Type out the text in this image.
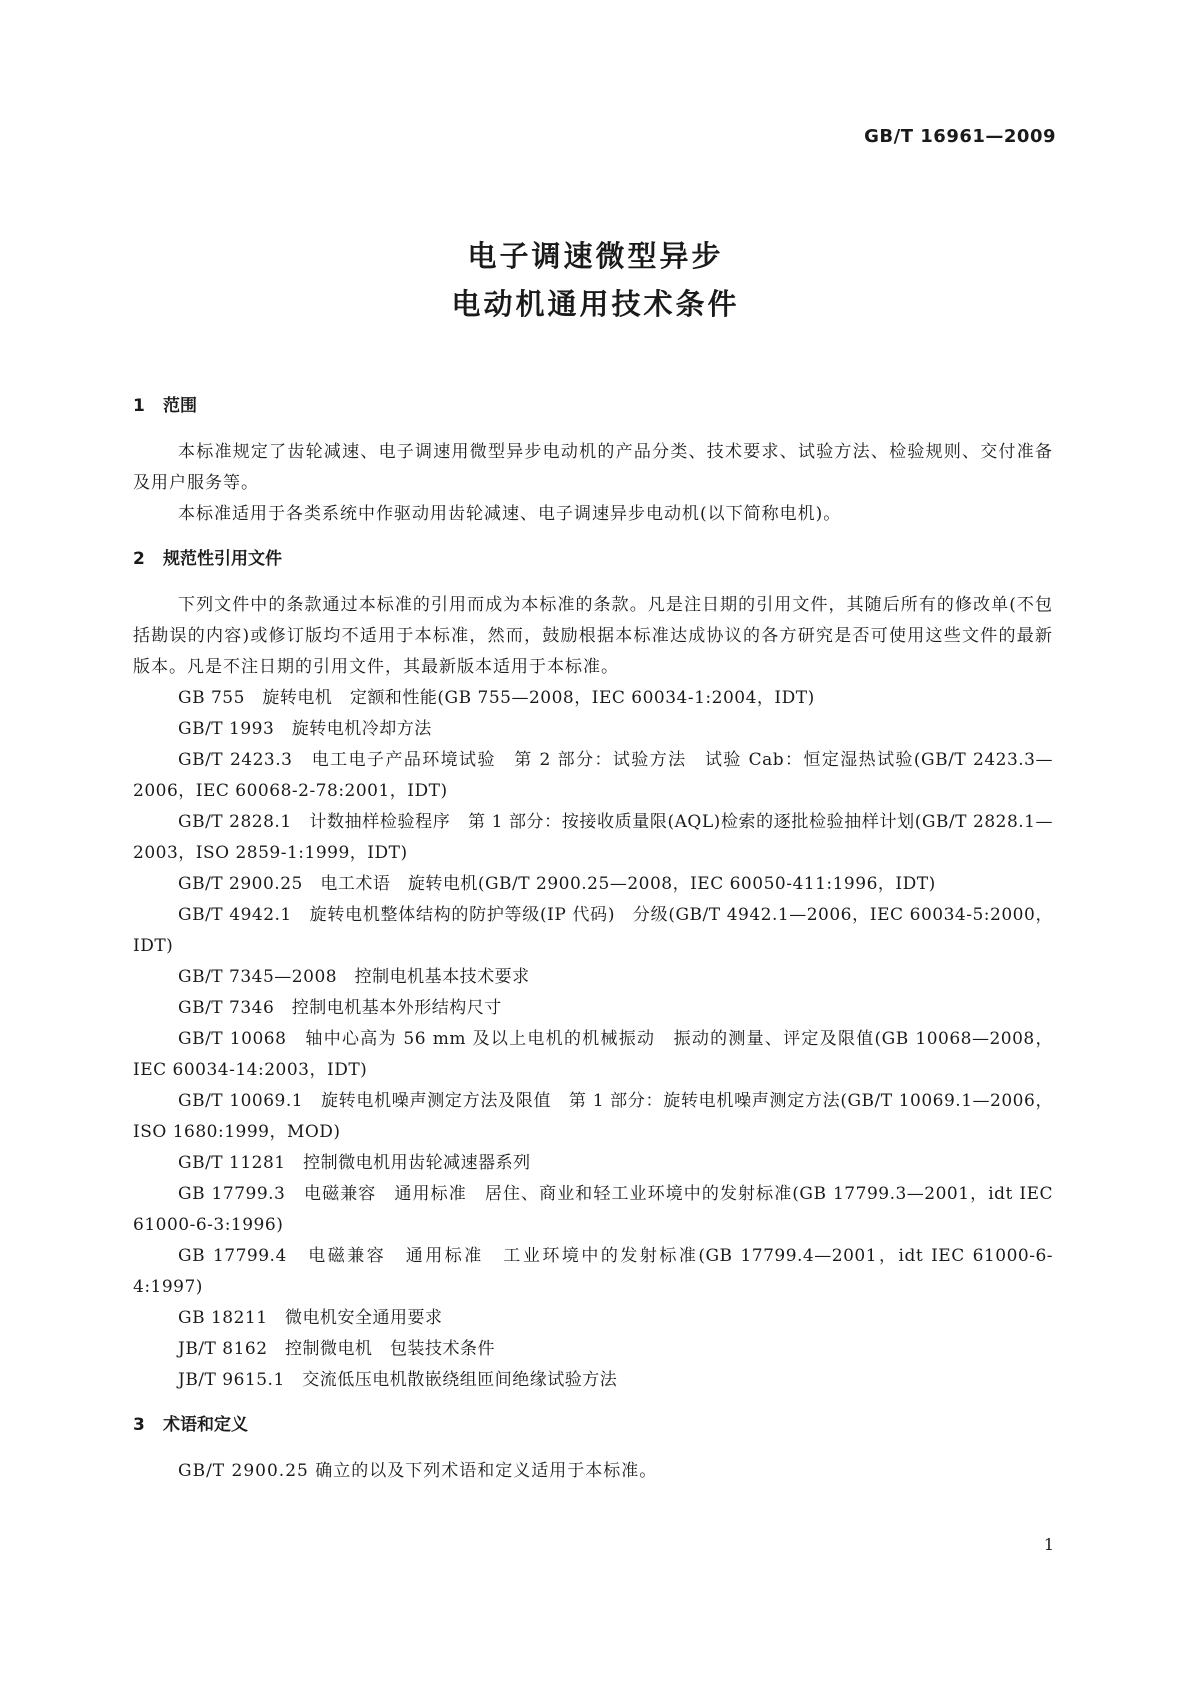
GB/T 16961—2009
电子调速微型异步
电动机通用技术条件
1 范围
本标准规定了齿轮减速、电子调速用微型异步电动机的产品分类、技术要求、试验方法、检验规则、交付准备及用户服务等。
本标准适用于各类系统中作驱动用齿轮减速、电子调速异步电动机(以下简称电机)。
2 规范性引用文件
下列文件中的条款通过本标准的引用而成为本标准的条款。凡是注日期的引用文件，其随后所有的修改单(不包括勘误的内容)或修订版均不适用于本标准，然而，鼓励根据本标准达成协议的各方研究是否可使用这些文件的最新版本。凡是不注日期的引用文件，其最新版本适用于本标准。
GB 755　旋转电机　定额和性能(GB 755—2008，IEC 60034-1:2004，IDT)
GB/T 1993　旋转电机冷却方法
GB/T 2423.3　电工电子产品环境试验　第 2 部分：试验方法　试验 Cab：恒定湿热试验(GB/T 2423.3—2006，IEC 60068-2-78:2001，IDT)
GB/T 2828.1　计数抽样检验程序　第 1 部分：按接收质量限(AQL)检索的逐批检验抽样计划(GB/T 2828.1—2003，ISO 2859-1:1999，IDT)
GB/T 2900.25　电工术语　旋转电机(GB/T 2900.25—2008，IEC 60050-411:1996，IDT)
GB/T 4942.1　旋转电机整体结构的防护等级(IP 代码)　分级(GB/T 4942.1—2006，IEC 60034-5:2000，IDT)
GB/T 7345—2008　控制电机基本技术要求
GB/T 7346　控制电机基本外形结构尺寸
GB/T 10068　轴中心高为 56 mm 及以上电机的机械振动　振动的测量、评定及限值(GB 10068—2008，IEC 60034-14:2003，IDT)
GB/T 10069.1　旋转电机噪声测定方法及限值　第 1 部分：旋转电机噪声测定方法(GB/T 10069.1—2006，ISO 1680:1999，MOD)
GB/T 11281　控制微电机用齿轮减速器系列
GB 17799.3　电磁兼容　通用标准　居住、商业和轻工业环境中的发射标准(GB 17799.3—2001，idt IEC 61000-6-3:1996)
GB 17799.4　电磁兼容　通用标准　工业环境中的发射标准(GB 17799.4—2001，idt IEC 61000-6-4:1997)
GB 18211　微电机安全通用要求
JB/T 8162　控制微电机　包装技术条件
JB/T 9615.1　交流低压电机散嵌绕组匝间绝缘试验方法
3 术语和定义
GB/T 2900.25 确立的以及下列术语和定义适用于本标准。
1
